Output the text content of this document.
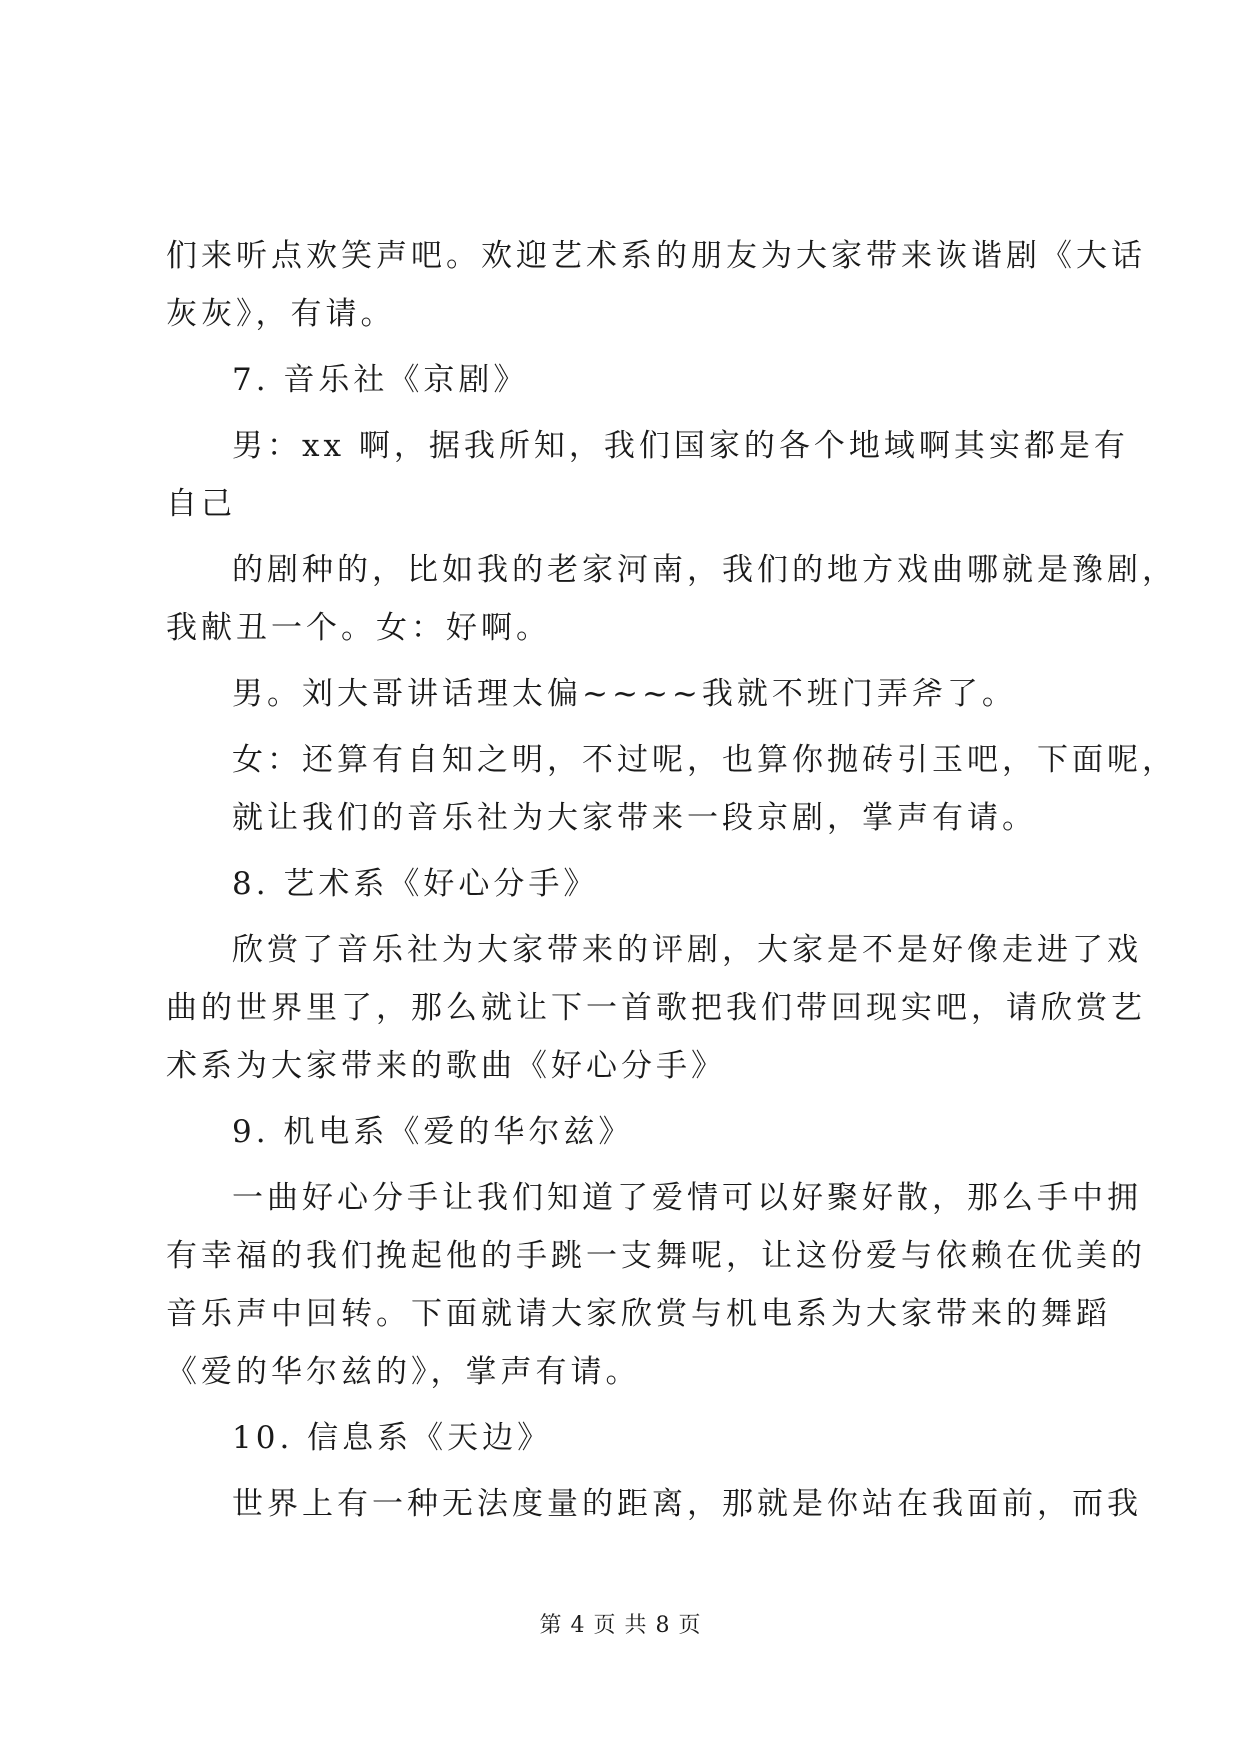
们来听点欢笑声吧。欢迎艺术系的朋友为大家带来诙谐剧《大话
灰灰》，有请。
7. 音乐社《京剧》
男：xx 啊，据我所知，我们国家的各个地域啊其实都是有
自己
的剧种的，比如我的老家河南，我们的地方戏曲哪就是豫剧，
我献丑一个。女：好啊。
男。刘大哥讲话理太偏~~~~我就不班门弄斧了。
女：还算有自知之明，不过呢，也算你抛砖引玉吧，下面呢，
就让我们的音乐社为大家带来一段京剧，掌声有请。
8. 艺术系《好心分手》
欣赏了音乐社为大家带来的评剧，大家是不是好像走进了戏
曲的世界里了，那么就让下一首歌把我们带回现实吧，请欣赏艺
术系为大家带来的歌曲《好心分手》
9. 机电系《爱的华尔兹》
一曲好心分手让我们知道了爱情可以好聚好散，那么手中拥
有幸福的我们挽起他的手跳一支舞呢，让这份爱与依赖在优美的
音乐声中回转。下面就请大家欣赏与机电系为大家带来的舞蹈
《爱的华尔兹的》，掌声有请。
10. 信息系《天边》
世界上有一种无法度量的距离，那就是你站在我面前，而我
第 4 页 共 8 页
